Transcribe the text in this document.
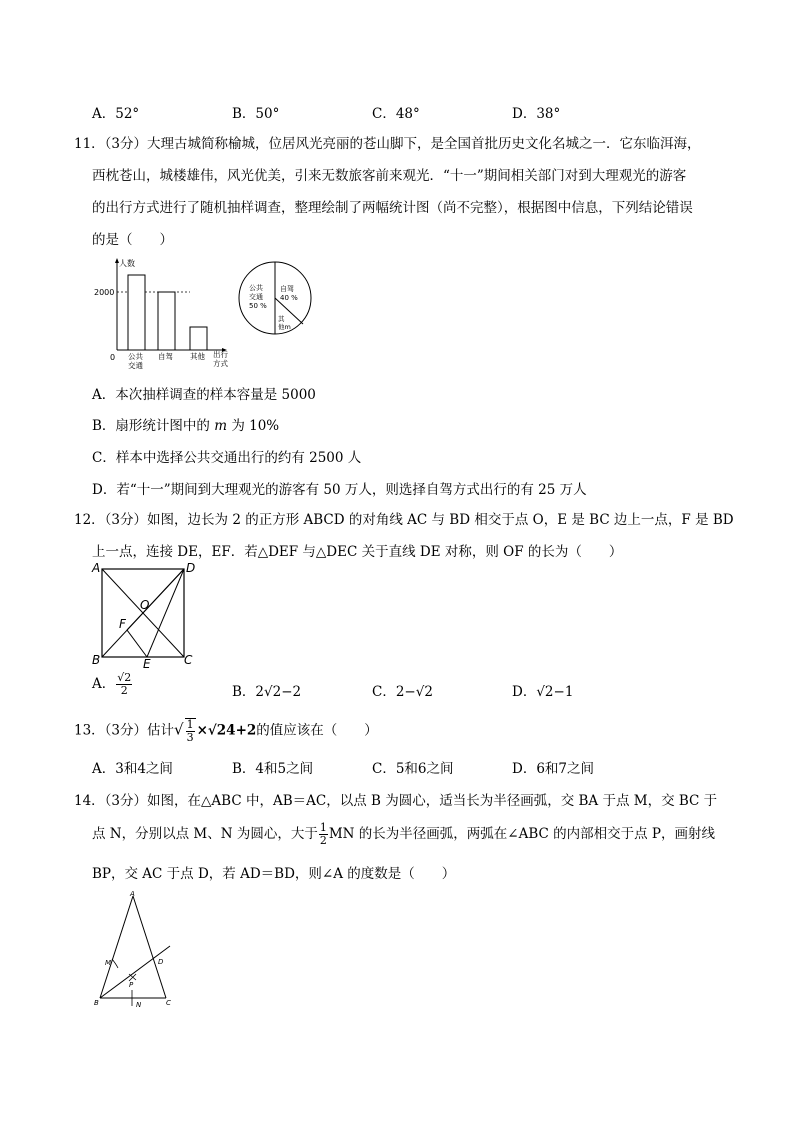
A．52°	B．50°	C．48°	D．38°
11．（3分）大理古城简称榆城，位居风光亮丽的苍山脚下，是全国首批历史文化名城之一．它东临洱海，
西枕苍山，城楼雄伟，风光优美，引来无数旅客前来观光．“十一”期间相关部门对到大理观光的游客
的出行方式进行了随机抽样调查，整理绘制了两幅统计图（尚不完整），根据图中信息，下列结论错误
的是（　　）
人数
2000
0 公共
交通
自驾 其他 出行
方式
公共
交通
50 %
自驾
40 %
其
他m
A．本次抽样调查的样本容量是 5000
B．扇形统计图中的 m 为 10%
C．样本中选择公共交通出行的约有 2500 人
D．若“十一”期间到大理观光的游客有 50 万人，则选择自驾方式出行的有 25 万人
12．（3分）如图，边长为 2 的正方形 ABCD 的对角线 AC 与 BD 相交于点 O，E 是 BC 边上一点，F 是 BD
上一点，连接 DE，EF．若△DEF 与△DEC 关于直线 DE 对称，则 OF 的长为（　　）
A	D
B	C
O
F
E
A． $\frac{√2}{2}$	B．2√2−2	C．2−√2	D．√2−1
13．（3分）估计√ $\frac{1}{3} \times√24+2$的值应该在（　　）
A．3和4之间	B．4和5之间	C．5和6之间	D．6和7之间
14．（3分）如图，在△ABC 中，AB＝AC，以点 B 为圆心，适当长为半径画弧，交 BA 于点 M，交 BC 于
点 N，分别以点 M、N 为圆心，大于 $\frac{1}{2}$ MN 的长为半径画弧，两弧在∠ABC 的内部相交于点 P，画射线
BP，交 AC 于点 D，若 AD＝BD，则∠A 的度数是（　　）
A
M	D
P
B	N	C
